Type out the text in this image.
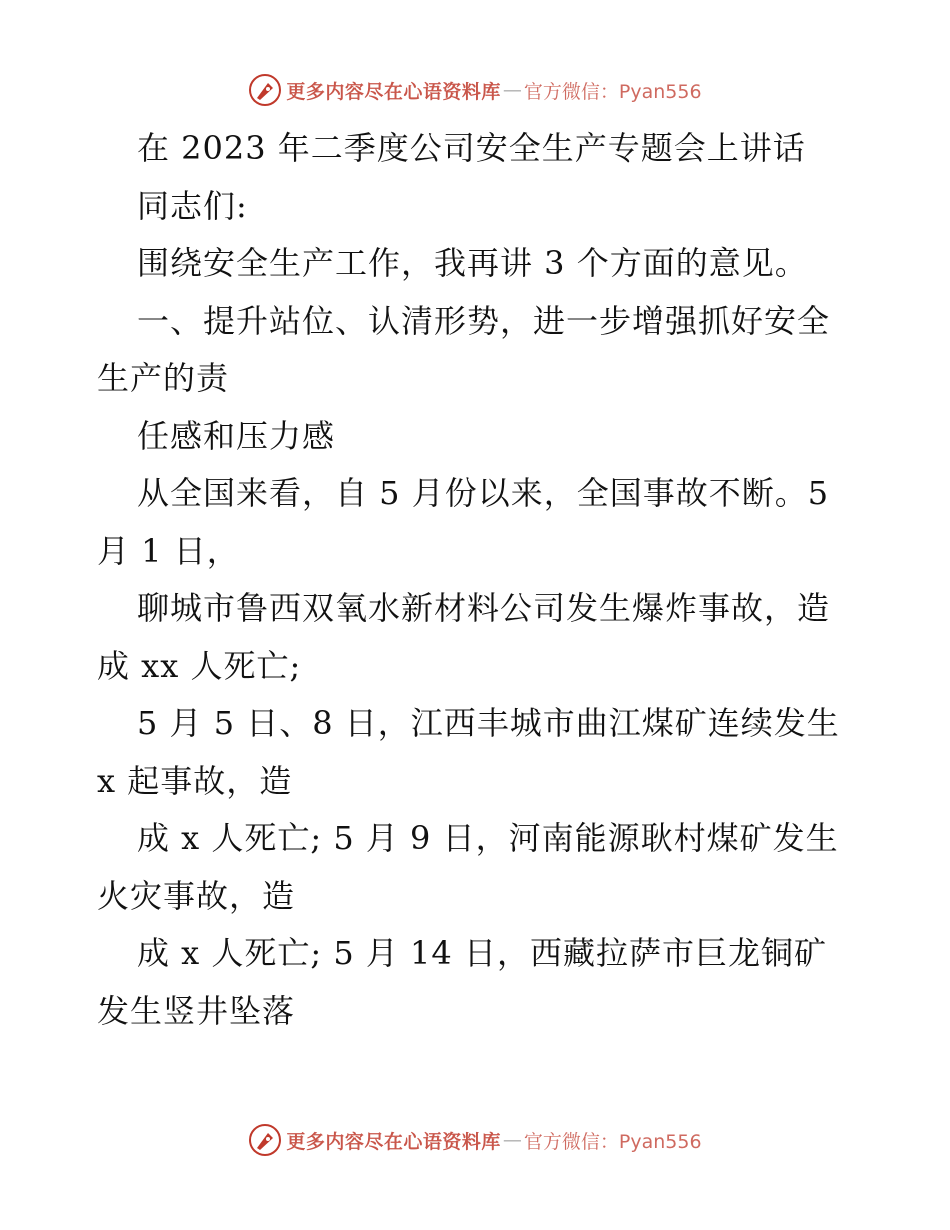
更多内容尽在心语资料库 — 官方微信：Pyan556
在 2023 年二季度公司安全生产专题会上讲话
同志们:
围绕安全生产工作，我再讲 3 个方面的意见。
一、提升站位、认清形势，进一步增强抓好安全
生产的责
任感和压力感
从全国来看，自 5 月份以来，全国事故不断。5
月 1 日，
聊城市鲁西双氧水新材料公司发生爆炸事故，造
成 xx 人死亡;
5 月 5 日、8 日，江西丰城市曲江煤矿连续发生
x 起事故，造
成 x 人死亡; 5 月 9 日，河南能源耿村煤矿发生
火灾事故，造
成 x 人死亡; 5 月 14 日，西藏拉萨市巨龙铜矿
发生竖井坠落
更多内容尽在心语资料库 — 官方微信：Pyan556
